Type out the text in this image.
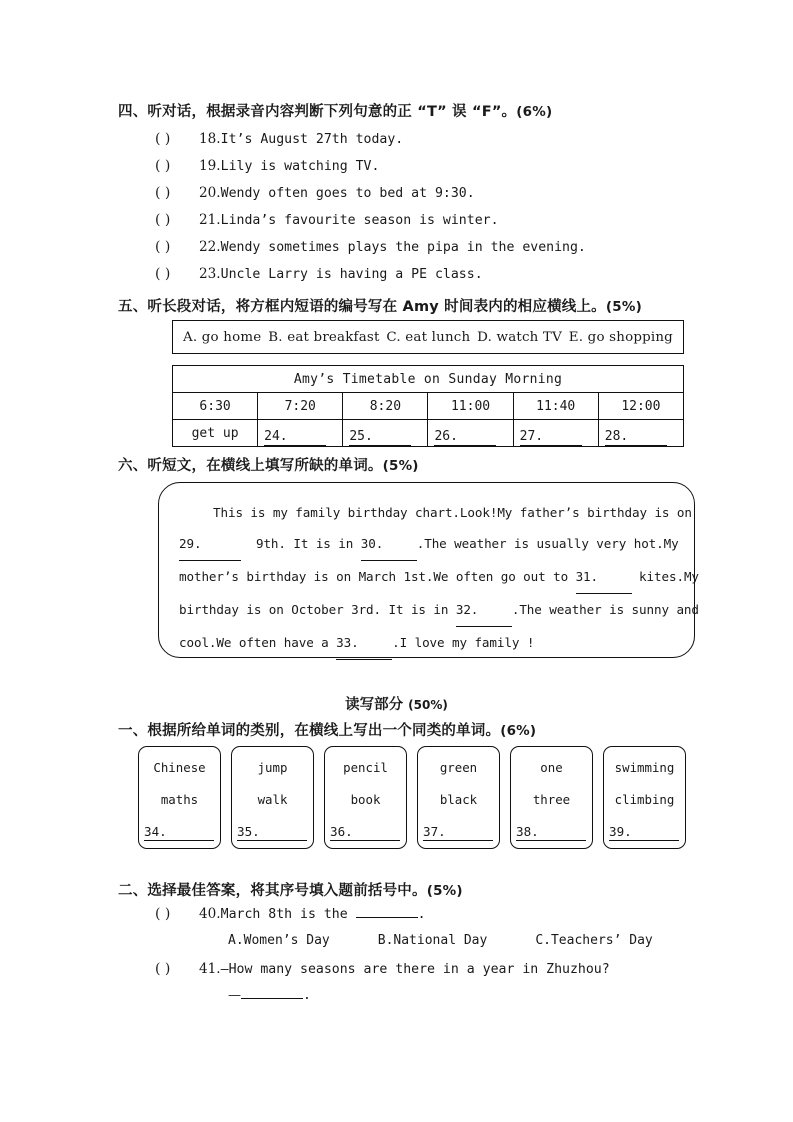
四、听对话，根据录音内容判断下列句意的正 “T” 误 “F”。(6%)
( ) 18.It’s August 27th today.
( ) 19.Lily is watching TV.
( ) 20.Wendy often goes to bed at 9:30.
( ) 21.Linda’s favourite season is winter.
( ) 22.Wendy sometimes plays the pipa in the evening.
( ) 23.Uncle Larry is having a PE class.
五、听长段对话，将方框内短语的编号写在 Amy 时间表内的相应横线上。(5%)
A. go home B. eat breakfast C. eat lunch D. watch TV E. go shopping
Amy’s Timetable on Sunday Morning					
6:30	7:20	8:20	11:00	11:40	12:00
get up	24.	25.	26.	27.	28.
六、听短文，在横线上填写所缺的单词。(5%)

This is my family birthday chart.Look!My father’s birthday is on

29.	9th. It is in 30.	.The weather is usually very hot.My

mother’s birthday is on March 1st.We often go out to 31.	kites.My

birthday is on October 3rd. It is in 32.	.The weather is sunny and

cool.We often have a 33.	.I love my family !

读写部分 (50%)
一、根据所给单词的类别，在横线上写出一个同类的单词。(6%)
Chinese
maths
34.
jump
walk
35.
pencil
book
36.
green
black
37.
one
three
38.
swimming
climbing
39.
二、选择最佳答案，将其序号填入题前括号中。(5%)
( ) 40.March 8th is the	.
A.Women’s Day	B.National Day	C.Teachers’ Day
( ) 41.—How many seasons are there in a year in Zhuzhou?
—	.
